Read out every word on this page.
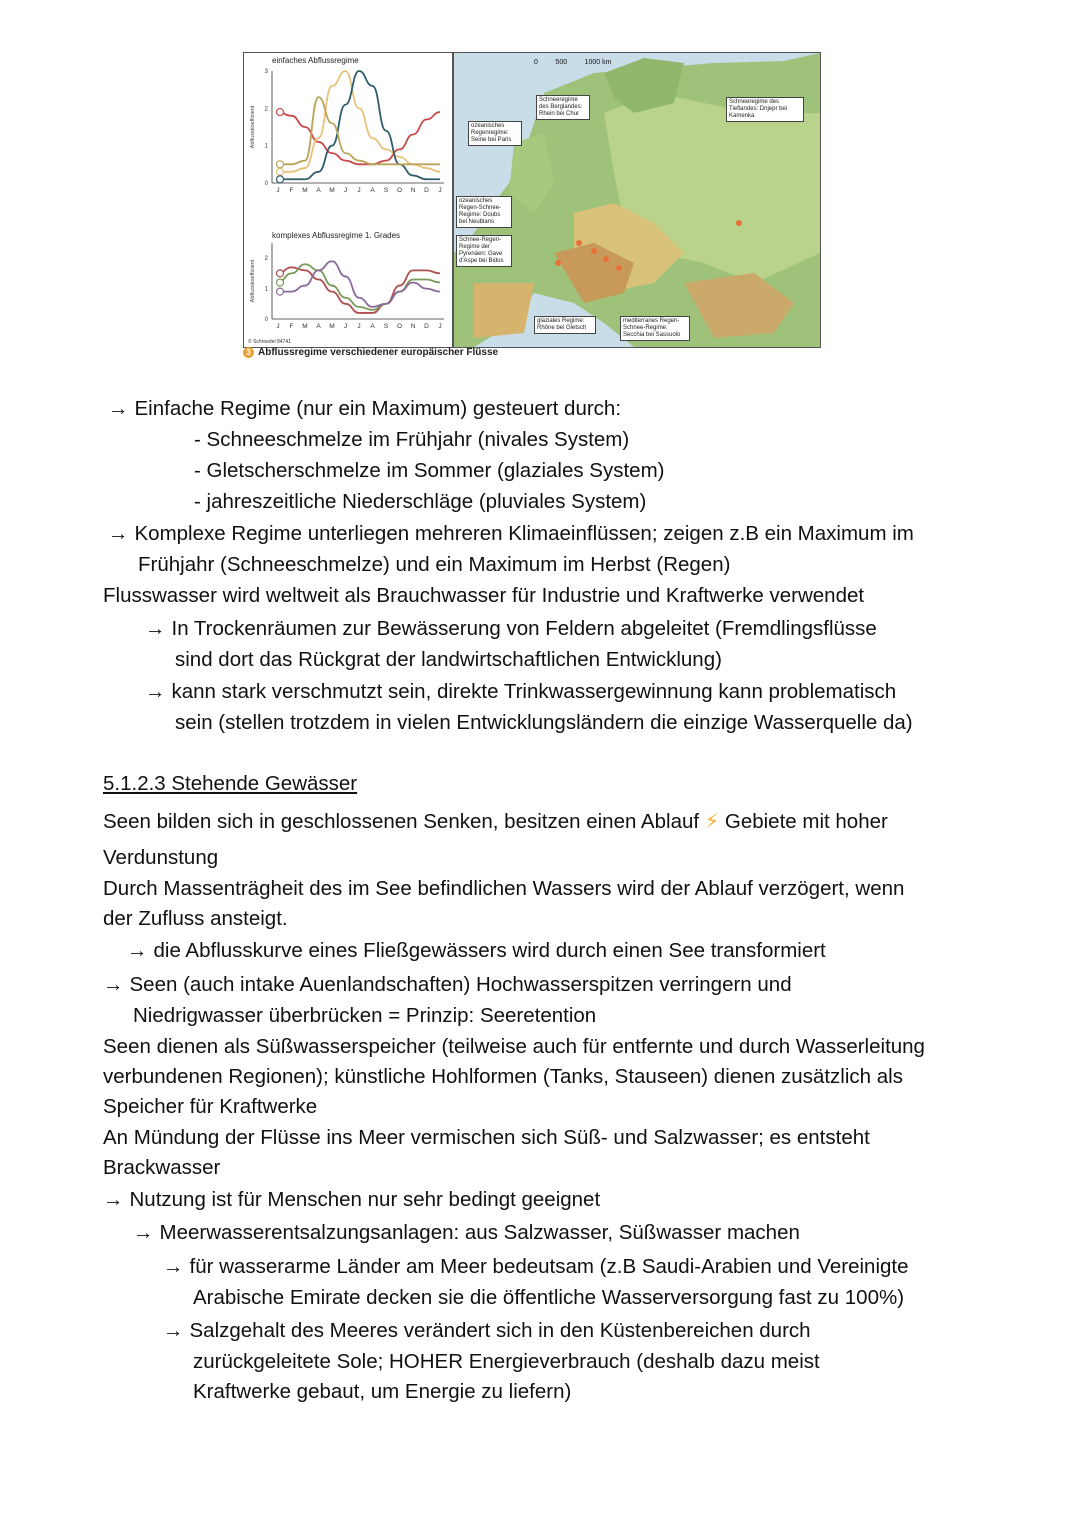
einfaches Abflussregime
J F M A M J J A S O N D J
3
2
1
0
Abflusskoeffizient
komplexes Abflussregime 1. Grades
J F M A M J J A S O N D J
2
1
0
Abflusskoeffizient
© Schroedel 84741
0	500	1000 km
ozeanisches Regenregime: Seine bei Paris
Schneeregime des Berglandes: Rhein bei Chur
Schneeregime des Tieflandes: Dnjepr bei Kamenka
ozeanisches Regen-Schnee-Regime: Doubs bei Neublans
Schnee-Regen-Regime der Pyrenäen: Gave d'Aspe bei Bidos
glaziales Regime: Rhône bei Gletsch
mediterranes Regen-Schnee-Regime: Secchia bei Sassuolo
3 Abflussregime verschiedener europäischer Flüsse
→ Einfache Regime (nur ein Maximum) gesteuert durch:
- Schneeschmelze im Frühjahr (nivales System)
- Gletscherschmelze im Sommer (glaziales System)
- jahreszeitliche Niederschläge (pluviales System)
→ Komplexe Regime unterliegen mehreren Klimaeinflüssen; zeigen z.B ein Maximum im
Frühjahr (Schneeschmelze) und ein Maximum im Herbst (Regen)
Flusswasser wird weltweit als Brauchwasser für Industrie und Kraftwerke verwendet
→ In Trockenräumen zur Bewässerung von Feldern abgeleitet (Fremdlingsflüsse
sind dort das Rückgrat der landwirtschaftlichen Entwicklung)
→ kann stark verschmutzt sein, direkte Trinkwassergewinnung kann problematisch
sein (stellen trotzdem in vielen Entwicklungsländern die einzige Wasserquelle da)
5.1.2.3 Stehende Gewässer
Seen bilden sich in geschlossenen Senken, besitzen einen Ablauf ⚡ Gebiete mit hoher
Verdunstung
Durch Massenträgheit des im See befindlichen Wassers wird der Ablauf verzögert, wenn
der Zufluss ansteigt.
→ die Abflusskurve eines Fließgewässers wird durch einen See transformiert
→ Seen (auch intake Auenlandschaften) Hochwasserspitzen verringern und
Niedrigwasser überbrücken = Prinzip: Seeretention
Seen dienen als Süßwasserspeicher (teilweise auch für entfernte und durch Wasserleitung
verbundenen Regionen); künstliche Hohlformen (Tanks, Stauseen) dienen zusätzlich als
Speicher für Kraftwerke
An Mündung der Flüsse ins Meer vermischen sich Süß- und Salzwasser; es entsteht
Brackwasser
→ Nutzung ist für Menschen nur sehr bedingt geeignet
→ Meerwasserentsalzungsanlagen: aus Salzwasser, Süßwasser machen
→ für wasserarme Länder am Meer bedeutsam (z.B Saudi-Arabien und Vereinigte
Arabische Emirate decken sie die öffentliche Wasserversorgung fast zu 100%)
→ Salzgehalt des Meeres verändert sich in den Küstenbereichen durch
zurückgeleitete Sole; HOHER Energieverbrauch (deshalb dazu meist
Kraftwerke gebaut, um Energie zu liefern)
